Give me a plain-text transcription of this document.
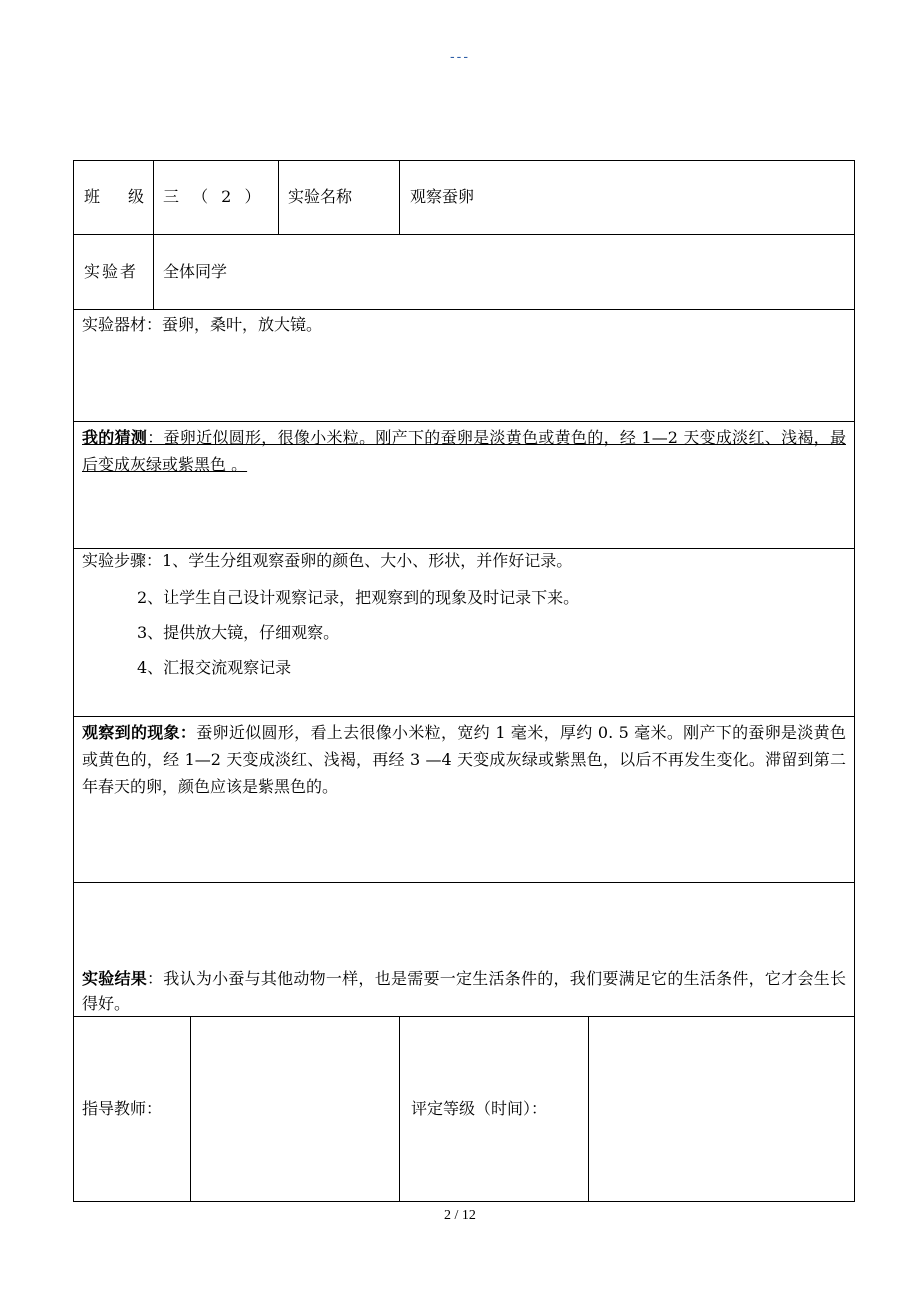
---
班　级 三 （ 2 ） 实验名称	观察蚕卵
实验者 全体同学
实验器材：蚕卵，桑叶，放大镜。
我的猜测：蚕卵近似圆形，很像小米粒。刚产下的蚕卵是淡黄色或黄色的，经 1—2 天变成淡红、浅褐，最后变成灰绿或紫黑色 。
实验步骤：1、学生分组观察蚕卵的颜色、大小、形状，并作好记录。
2、让学生自己设计观察记录，把观察到的现象及时记录下来。
3、提供放大镜，仔细观察。
4、汇报交流观察记录
观察到的现象：蚕卵近似圆形，看上去很像小米粒，宽约 1 毫米，厚约 0. 5 毫米。刚产下的蚕卵是淡黄色或黄色的，经 1—2 天变成淡红、浅褐，再经 3 —4 天变成灰绿或紫黑色，以后不再发生变化。滞留到第二年春天的卵，颜色应该是紫黑色的。
实验结果：我认为小蚕与其他动物一样，也是需要一定生活条件的，我们要满足它的生活条件，它才会生长得好。
指导教师：	评定等级（时间）：
2 / 12
